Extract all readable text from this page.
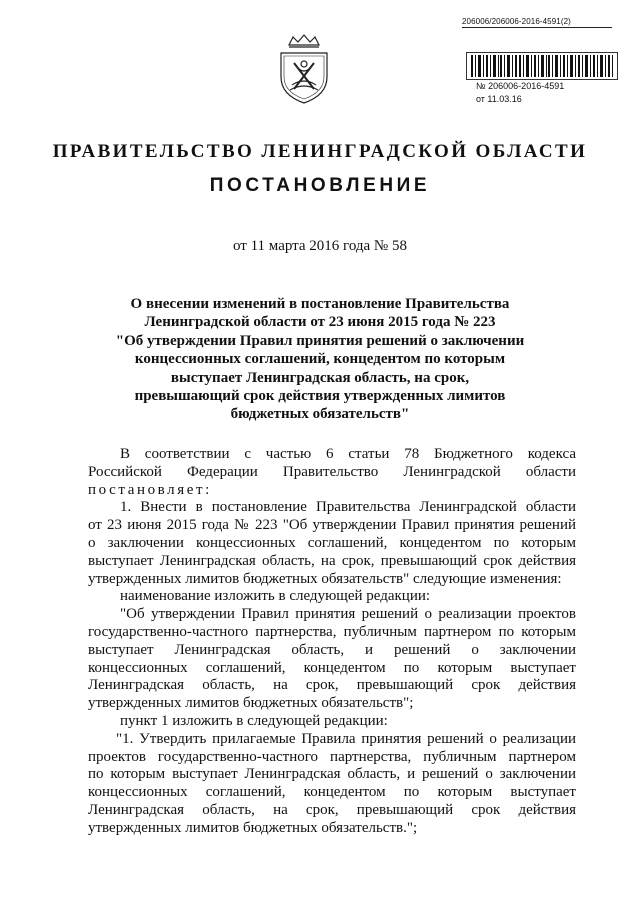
206006/206006-2016-4591(2)
№ 206006-2016-4591
от 11.03.16
ПРАВИТЕЛЬСТВО ЛЕНИНГРАДСКОЙ ОБЛАСТИ
ПОСТАНОВЛЕНИЕ
от 11 марта 2016 года № 58
О внесении изменений в постановление Правительства
Ленинградской области от 23 июня 2015 года № 223
"Об утверждении Правил принятия решений о заключении
концессионных соглашений, концедентом по которым
выступает Ленинградская область, на срок,
превышающий срок действия утвержденных лимитов
бюджетных обязательств"
В соответствии с частью 6 статьи 78 Бюджетного кодекса
Российской Федерации Правительство Ленинградской области
постановляет:
1. Внести в постановление Правительства Ленинградской области
от 23 июня 2015 года № 223 "Об утверждении Правил принятия решений
о заключении концессионных соглашений, концедентом по которым
выступает Ленинградская область, на срок, превышающий срок действия
утвержденных лимитов бюджетных обязательств" следующие изменения:
наименование изложить в следующей редакции:
"Об утверждении Правил принятия решений о реализации проектов
государственно-частного партнерства, публичным партнером по которым
выступает Ленинградская область, и решений о заключении
концессионных соглашений, концедентом по которым выступает
Ленинградская область, на срок, превышающий срок действия
утвержденных лимитов бюджетных обязательств";
пункт 1 изложить в следующей редакции:
"1. Утвердить прилагаемые Правила принятия решений о реализации
проектов государственно-частного партнерства, публичным партнером
по которым выступает Ленинградская область, и решений о заключении
концессионных соглашений, концедентом по которым выступает
Ленинградская область, на срок, превышающий срок действия
утвержденных лимитов бюджетных обязательств.";
